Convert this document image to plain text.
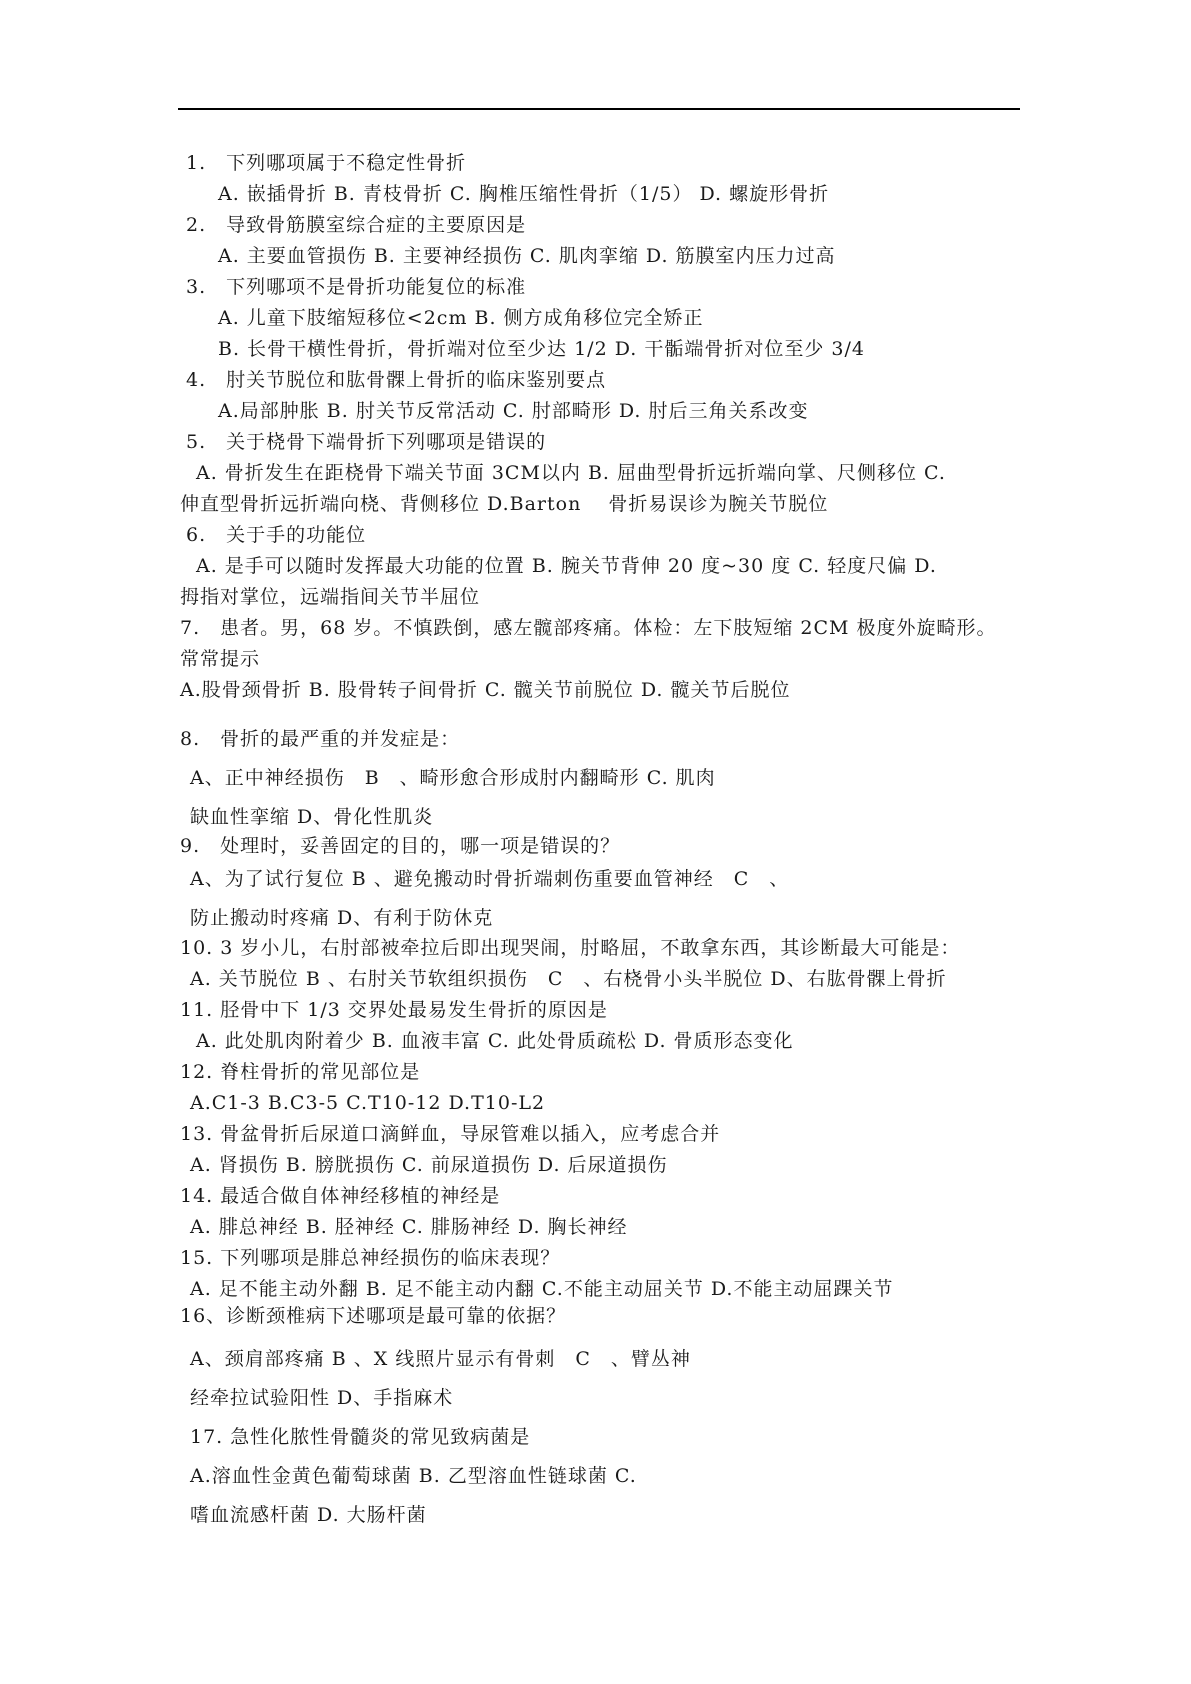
1.　下列哪项属于不稳定性骨折
A. 嵌插骨折 B. 青枝骨折 C. 胸椎压缩性骨折（1/5） D. 螺旋形骨折
2.　导致骨筋膜室综合症的主要原因是
A. 主要血管损伤 B. 主要神经损伤 C. 肌肉挛缩 D. 筋膜室内压力过高
3.　下列哪项不是骨折功能复位的标准
A. 儿童下肢缩短移位<2cm B. 侧方成角移位完全矫正
B. 长骨干横性骨折，骨折端对位至少达 1/2 D. 干骺端骨折对位至少 3/4
4.　肘关节脱位和肱骨髁上骨折的临床鉴别要点
A.局部肿胀 B. 肘关节反常活动 C. 肘部畸形 D. 肘后三角关系改变
5.　关于桡骨下端骨折下列哪项是错误的
A. 骨折发生在距桡骨下端关节面 3CM以内 B. 屈曲型骨折远折端向掌、尺侧移位 C.
伸直型骨折远折端向桡、背侧移位 D.Barton　 骨折易误诊为腕关节脱位
6.　关于手的功能位
A. 是手可以随时发挥最大功能的位置 B. 腕关节背伸 20 度~30 度 C. 轻度尺偏 D.
拇指对掌位，远端指间关节半屈位
7.　患者。男，68 岁。不慎跌倒，感左髋部疼痛。体检：左下肢短缩 2CM 极度外旋畸形。
常常提示
A.股骨颈骨折 B. 股骨转子间骨折 C. 髋关节前脱位 D. 髋关节后脱位
8.　骨折的最严重的并发症是：
A、正中神经损伤　B　、畸形愈合形成肘内翻畸形 C. 肌肉
缺血性挛缩 D、骨化性肌炎
9.　处理时，妥善固定的目的，哪一项是错误的？
A、为了试行复位 B 、避免搬动时骨折端刺伤重要血管神经　C　、
防止搬动时疼痛 D、有利于防休克
10. 3 岁小儿，右肘部被牵拉后即出现哭闹，肘略屈，不敢拿东西，其诊断最大可能是：
A. 关节脱位 B 、右肘关节软组织损伤　C　、右桡骨小头半脱位 D、右肱骨髁上骨折
11. 胫骨中下 1/3 交界处最易发生骨折的原因是
A. 此处肌肉附着少 B. 血液丰富 C. 此处骨质疏松 D. 骨质形态变化
12. 脊柱骨折的常见部位是
A.C1-3 B.C3-5 C.T10-12 D.T10-L2
13. 骨盆骨折后尿道口滴鲜血，导尿管难以插入，应考虑合并
A. 肾损伤 B. 膀胱损伤 C. 前尿道损伤 D. 后尿道损伤
14. 最适合做自体神经移植的神经是
A. 腓总神经 B. 胫神经 C. 腓肠神经 D. 胸长神经
15. 下列哪项是腓总神经损伤的临床表现？
A. 足不能主动外翻 B. 足不能主动内翻 C.不能主动屈关节 D.不能主动屈踝关节
16、诊断颈椎病下述哪项是最可靠的依据？
A、颈肩部疼痛 B 、X 线照片显示有骨刺　C　、臂丛神
经牵拉试验阳性 D、手指麻术
17. 急性化脓性骨髓炎的常见致病菌是
A.溶血性金黄色葡萄球菌 B. 乙型溶血性链球菌 C.
嗜血流感杆菌 D. 大肠杆菌
